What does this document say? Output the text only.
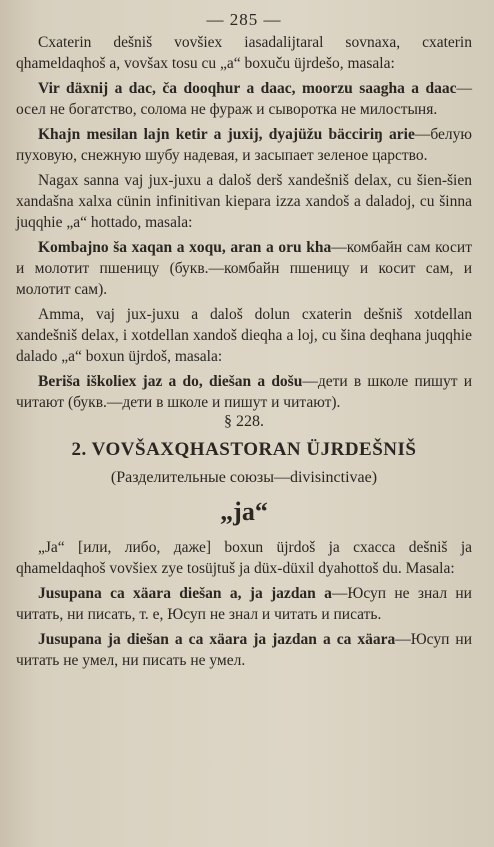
— 285 —

Cxaterin dešniš vovšiex iasadalijtaral sovnaxa, cxaterin qhameldaqhoš a, vovšax tosu cu „a“ boxuču üjrdešo, masala:

Vir däxnij a dac, ča dooqhur a daac, moorzu saagha a daac—осел не богатство, солома не фураж и сыворотка не милостыня.

Khajn mesilan lajn ketir a juxij, dyajüžu bäcciriŋ arie—белую пуховую, снежную шубу надевая, и засыпает зеленое царство.

Nagax sanna vaj jux-juxu a daloš derš xandešniš delax, cu šien-šien xandašna xalxa cünin infinitivan kiepara izza xandoš a daladoj, cu šinna juqqhie „a“ hottado, masala:

Kombajno ša xaqan a xoqu, aran a oru kha—комбайн сам косит и молотит пшеницу (букв.—комбайн пшеницу и косит сам, и молотит сам).

Amma, vaj jux-juxu a daloš dolun cxaterin dešniš xotdellan xandešniš delax, i xotdellan xandoš dieqha a loj, cu šina deqhana juqqhie dalado „a“ boxun üjrdoš, masala:

Beriša iškoliex jaz a do, diešan a došu—дети в школе пишут и читают (букв.—дети в школе и пишут и читают).

§ 228.
2. VOVŠAXQHASTORAN ÜJRDEŠNIŠ
(Разделительные союзы—divisinctivae)
„ja“

„Ja“ [или, либо, даже] boxun üjrdoš ja cxacca dešniš ja qhameldaqhoš vovšiex zye tosüjtuš ja düx-düxil dyahottoš du. Masala:

Jusupana ca xäara diešan a, ja jazdan a—Юсуп не знал ни читать, ни писать, т. е, Юсуп не знал и читать и писать.

Jusupana ja diešan a ca xäara ja jazdan a ca xäara—Юсуп ни читать не умел, ни писать не умел.
